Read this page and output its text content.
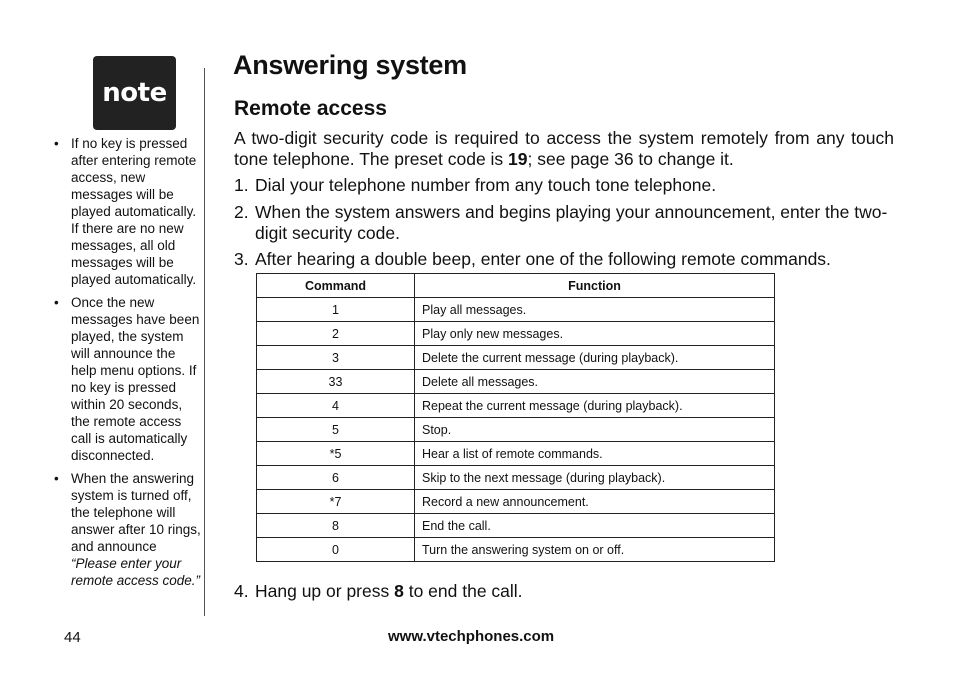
note
• If no key is pressed after entering remote access, new messages will be played automatically. If there are no new messages, all old messages will be played automatically.
• Once the new messages have been played, the system will announce the help menu options. If no key is pressed within 20 seconds, the remote access call is automatically disconnected.
• When the answering system is turned off, the telephone will answer after 10 rings, and announce “Please enter your remote access code.”
Answering system
Remote access

A two-digit security code is required to access the system remotely from any touch tone telephone. The preset code is 19; see page 36 to change it.

1. Dial your telephone number from any touch tone telephone.

2. When the system answers and begins playing your announcement, enter the two-digit security code.

3. After hearing a double beep, enter one of the following remote commands.

Command	Function
1	Play all messages.
2	Play only new messages.
3	Delete the current message (during playback).
33	Delete all messages.
4	Repeat the current message (during playback).
5	Stop.
*5	Hear a list of remote commands.
6	Skip to the next message (during playback).
*7	Record a new announcement.
8	End the call.
0	Turn the answering system on or off.

4. Hang up or press 8 to end the call.

44	www.vtechphones.com
